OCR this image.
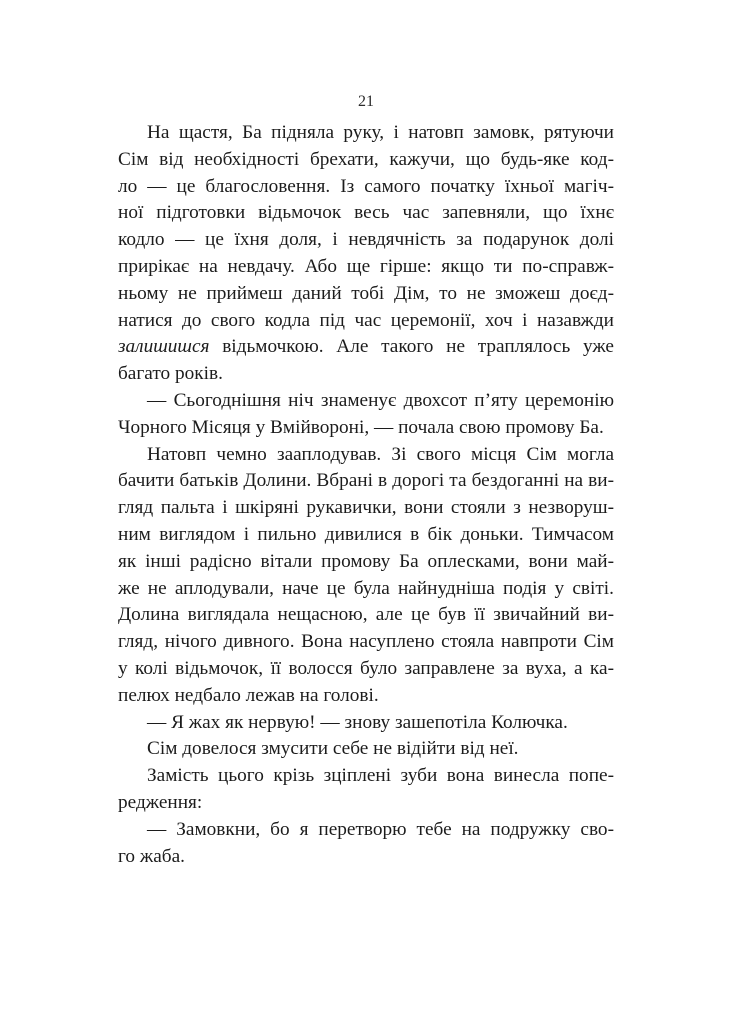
21
На щастя, Ба підняла руку, і натовп замовк, рятуючи
Сім від необхідності брехати, кажучи, що будь-яке код-
ло — це благословення. Із самого початку їхньої магіч-
ної підготовки відьмочок весь час запевняли, що їхнє
кодло — це їхня доля, і невдячність за подарунок долі
прирікає на невдачу. Або ще гірше: якщо ти по-справж-
ньому не приймеш даний тобі Дім, то не зможеш доєд-
натися до свого кодла під час церемонії, хоч і назавжди
залишишся відьмочкою. Але такого не траплялось уже
багато років.
— Сьогоднішня ніч знаменує двохсот п’яту церемонію
Чорного Місяця у Вмійвороні, — почала свою промову Ба.
Натовп чемно зааплодував. Зі свого місця Сім могла
бачити батьків Долини. Вбрані в дорогі та бездоганні на ви-
гляд пальта і шкіряні рукавички, вони стояли з незворуш-
ним виглядом і пильно дивилися в бік доньки. Тимчасом
як інші радісно вітали промову Ба оплесками, вони май-
же не аплодували, наче це була найнудніша подія у світі.
Долина виглядала нещасною, але це був її звичайний ви-
гляд, нічого дивного. Вона насуплено стояла навпроти Сім
у колі відьмочок, її волосся було заправлене за вуха, а ка-
пелюх недбало лежав на голові.
— Я жах як нервую! — знову зашепотіла Колючка.
Сім довелося змусити себе не відійти від неї.
Замість цього крізь зціплені зуби вона винесла попе-
редження:
— Замовкни, бо я перетворю тебе на подружку сво-
го жаба.
